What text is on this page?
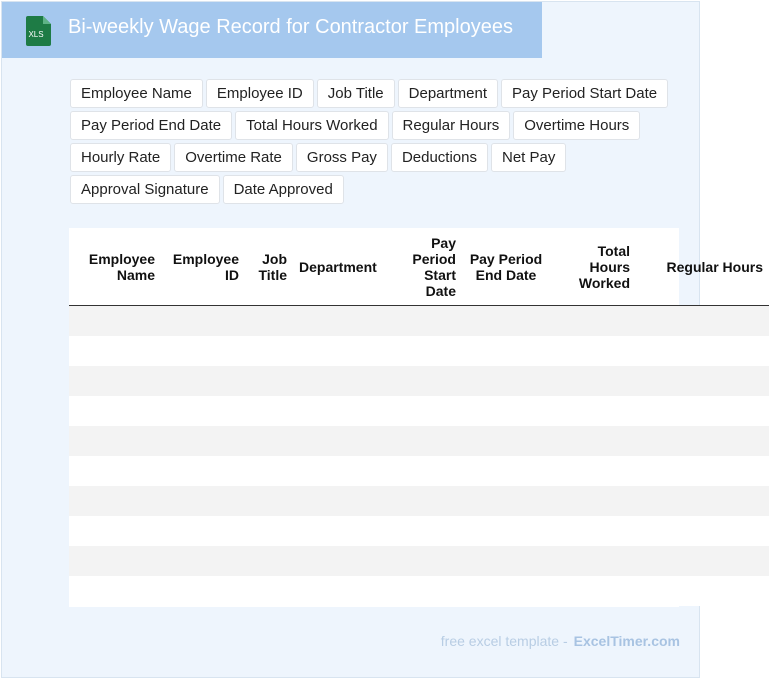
XLS Bi-weekly Wage Record for Contractor Employees
Employee Name	Employee ID	Job Title	Department	Pay Period Start Date
Pay Period End Date	Total Hours Worked	Regular Hours	Overtime Hours
Hourly Rate	Overtime Rate	Gross Pay	Deductions	Net Pay
Approval Signature	Date Approved
Employee Name	Employee ID	Job Title	Department	Pay Period Start Date	Pay Period End Date	Total Hours Worked	Regular Hours

free excel template - ExcelTimer.com
